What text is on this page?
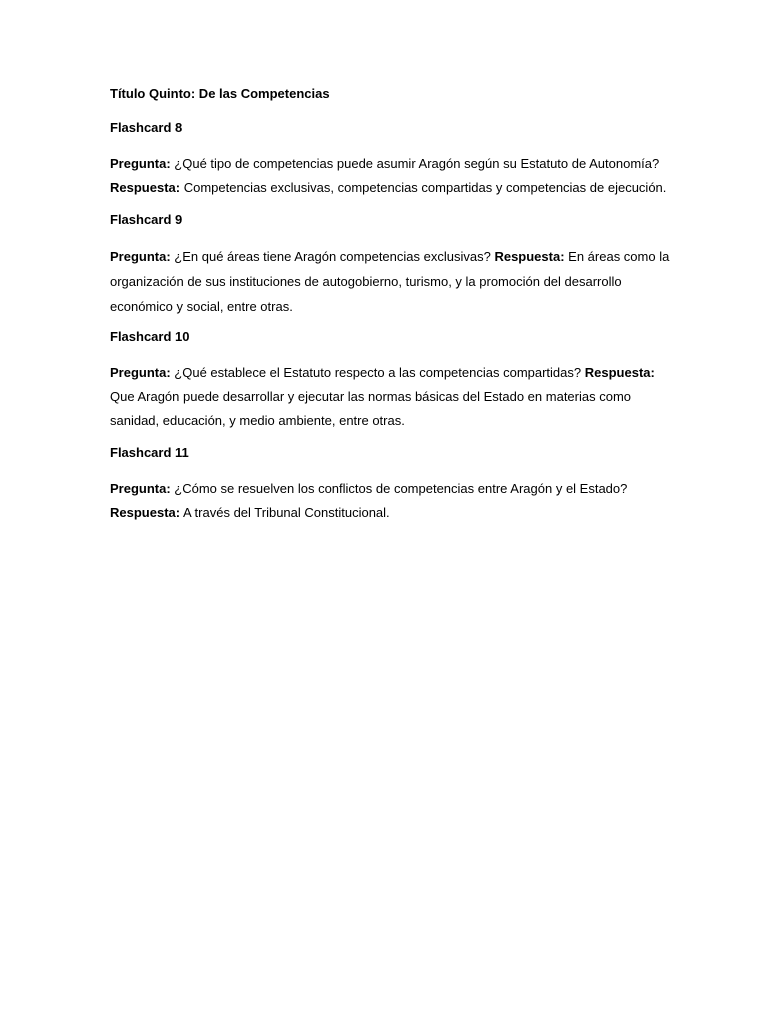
Título Quinto: De las Competencias
Flashcard 8
Pregunta: ¿Qué tipo de competencias puede asumir Aragón según su Estatuto de Autonomía? Respuesta: Competencias exclusivas, competencias compartidas y competencias de ejecución.
Flashcard 9
Pregunta: ¿En qué áreas tiene Aragón competencias exclusivas? Respuesta: En áreas como la organización de sus instituciones de autogobierno, turismo, y la promoción del desarrollo económico y social, entre otras.
Flashcard 10
Pregunta: ¿Qué establece el Estatuto respecto a las competencias compartidas? Respuesta: Que Aragón puede desarrollar y ejecutar las normas básicas del Estado en materias como sanidad, educación, y medio ambiente, entre otras.
Flashcard 11
Pregunta: ¿Cómo se resuelven los conflictos de competencias entre Aragón y el Estado? Respuesta: A través del Tribunal Constitucional.
